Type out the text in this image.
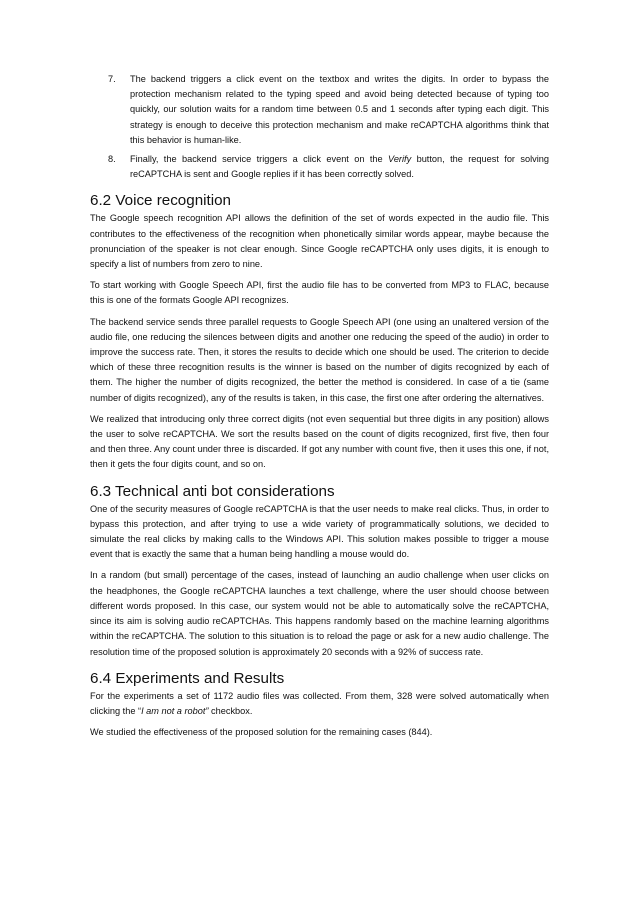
7.	The backend triggers a click event on the textbox and writes the digits. In order to bypass the protection mechanism related to the typing speed and avoid being detected because of typing too quickly, our solution waits for a random time between 0.5 and 1 seconds after typing each digit. This strategy is enough to deceive this protection mechanism and make reCAPTCHA algorithms think that this behavior is human-like.
8.	Finally, the backend service triggers a click event on the Verify button, the request for solving reCAPTCHA is sent and Google replies if it has been correctly solved.
6.2 Voice recognition

The Google speech recognition API allows the definition of the set of words expected in the audio file. This contributes to the effectiveness of the recognition when phonetically similar words appear, maybe because the pronunciation of the speaker is not clear enough. Since Google reCAPTCHA only uses digits, it is enough to specify a list of numbers from zero to nine.

To start working with Google Speech API, first the audio file has to be converted from MP3 to FLAC, because this is one of the formats Google API recognizes.

The backend service sends three parallel requests to Google Speech API (one using an unaltered version of the audio file, one reducing the silences between digits and another one reducing the speed of the audio) in order to improve the success rate. Then, it stores the results to decide which one should be used. The criterion to decide which of these three recognition results is the winner is based on the number of digits recognized by each of them. The higher the number of digits recognized, the better the method is considered. In case of a tie (same number of digits recognized), any of the results is taken, in this case, the first one after ordering the alternatives.

We realized that introducing only three correct digits (not even sequential but three digits in any position) allows the user to solve reCAPTCHA. We sort the results based on the count of digits recognized, first five, then four and then three. Any count under three is discarded. If got any number with count five, then it uses this one, if not, then it gets the four digits count, and so on.

6.3 Technical anti bot considerations

One of the security measures of Google reCAPTCHA is that the user needs to make real clicks. Thus, in order to bypass this protection, and after trying to use a wide variety of programmatically solutions, we decided to simulate the real clicks by making calls to the Windows API. This solution makes possible to trigger a mouse event that is exactly the same that a human being handling a mouse would do.

In a random (but small) percentage of the cases, instead of launching an audio challenge when user clicks on the headphones, the Google reCAPTCHA launches a text challenge, where the user should choose between different words proposed. In this case, our system would not be able to automatically solve the reCAPTCHA, since its aim is solving audio reCAPTCHAs. This happens randomly based on the machine learning algorithms within the reCAPTCHA. The solution to this situation is to reload the page or ask for a new audio challenge. The resolution time of the proposed solution is approximately 20 seconds with a 92% of success rate.

6.4 Experiments and Results

For the experiments a set of 1172 audio files was collected. From them, 328 were solved automatically when clicking the “I am not a robot” checkbox.

We studied the effectiveness of the proposed solution for the remaining cases (844).
